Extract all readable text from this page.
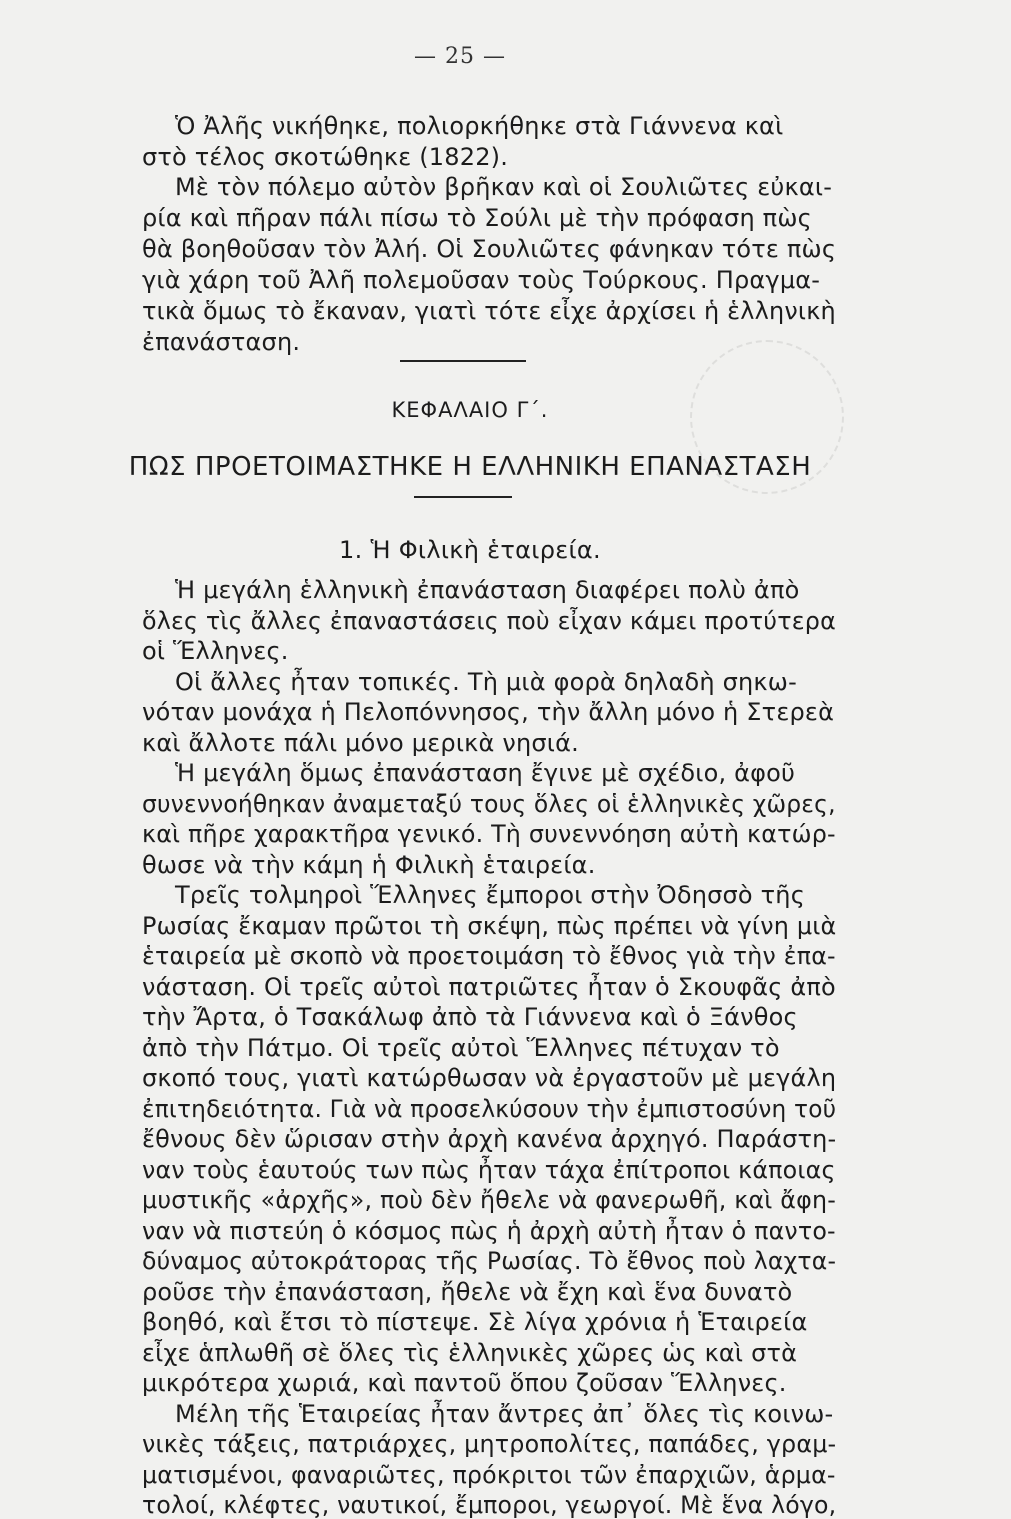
— 25 —
Ὁ Ἀλῆς νικήθηκε, πολιορκήθηκε στὰ Γιάννενα καὶ
στὸ τέλος σκοτώθηκε (1822).
Μὲ τὸν πόλεμο αὐτὸν βρῆκαν καὶ οἱ Σουλιῶτες εὐκαι-
ρία καὶ πῆραν πάλι πίσω τὸ Σούλι μὲ τὴν πρόφαση πὼς
θὰ βοηθοῦσαν τὸν Ἀλή. Οἱ Σουλιῶτες φάνηκαν τότε πὼς
γιὰ χάρη τοῦ Ἀλῆ πολεμοῦσαν τοὺς Τούρκους. Πραγμα-
τικὰ ὅμως τὸ ἔκαναν, γιατὶ τότε εἶχε ἀρχίσει ἡ ἑλληνικὴ
ἐπανάσταση.
ΚΕΦΑΛΑΙΟ Γ΄.
ΠΩΣ ΠΡΟΕΤΟΙΜΑΣΤΗΚΕ Η ΕΛΛΗΝΙΚΗ ΕΠΑΝΑΣΤΑΣΗ
1. Ἡ Φιλικὴ ἑταιρεία.
Ἡ μεγάλη ἑλληνικὴ ἐπανάσταση διαφέρει πολὺ ἀπὸ
ὅλες τὶς ἄλλες ἐπαναστάσεις ποὺ εἶχαν κάμει προτύτερα
οἱ Ἕλληνες.
Οἱ ἄλλες ἦταν τοπικές. Τὴ μιὰ φορὰ δηλαδὴ σηκω-
νόταν μονάχα ἡ Πελοπόννησος, τὴν ἄλλη μόνο ἡ Στερεὰ
καὶ ἄλλοτε πάλι μόνο μερικὰ νησιά.
Ἡ μεγάλη ὅμως ἐπανάσταση ἔγινε μὲ σχέδιο, ἀφοῦ
συνεννοήθηκαν ἀναμεταξύ τους ὅλες οἱ ἑλληνικὲς χῶρες,
καὶ πῆρε χαρακτῆρα γενικό. Τὴ συνεννόηση αὐτὴ κατώρ-
θωσε νὰ τὴν κάμη ἡ Φιλικὴ ἑταιρεία.
Τρεῖς τολμηροὶ Ἕλληνες ἔμποροι στὴν Ὀδησσὸ τῆς
Ρωσίας ἔκαμαν πρῶτοι τὴ σκέψη, πὼς πρέπει νὰ γίνη μιὰ
ἑταιρεία μὲ σκοπὸ νὰ προετοιμάση τὸ ἔθνος γιὰ τὴν ἐπα-
νάσταση. Οἱ τρεῖς αὐτοὶ πατριῶτες ἦταν ὁ Σκουφᾶς ἀπὸ
τὴν Ἄρτα, ὁ Τσακάλωφ ἀπὸ τὰ Γιάννενα καὶ ὁ Ξάνθος
ἀπὸ τὴν Πάτμο. Οἱ τρεῖς αὐτοὶ Ἕλληνες πέτυχαν τὸ
σκοπό τους, γιατὶ κατώρθωσαν νὰ ἐργαστοῦν μὲ μεγάλη
ἐπιτηδειότητα. Γιὰ νὰ προσελκύσουν τὴν ἐμπιστοσύνη τοῦ
ἔθνους δὲν ὥρισαν στὴν ἀρχὴ κανένα ἀρχηγό. Παράστη-
ναν τοὺς ἑαυτούς των πὼς ἦταν τάχα ἐπίτροποι κάποιας
μυστικῆς «ἀρχῆς», ποὺ δὲν ἤθελε νὰ φανερωθῆ, καὶ ἄφη-
ναν νὰ πιστεύη ὁ κόσμος πὼς ἡ ἀρχὴ αὐτὴ ἦταν ὁ παντο-
δύναμος αὐτοκράτορας τῆς Ρωσίας. Τὸ ἔθνος ποὺ λαχτα-
ροῦσε τὴν ἐπανάσταση, ἤθελε νὰ ἔχη καὶ ἕνα δυνατὸ
βοηθό, καὶ ἔτσι τὸ πίστεψε. Σὲ λίγα χρόνια ἡ Ἑταιρεία
εἶχε ἁπλωθῆ σὲ ὅλες τὶς ἑλληνικὲς χῶρες ὡς καὶ στὰ
μικρότερα χωριά, καὶ παντοῦ ὅπου ζοῦσαν Ἕλληνες.
Μέλη τῆς Ἑταιρείας ἦταν ἄντρες ἀπ᾿ ὅλες τὶς κοινω-
νικὲς τάξεις, πατριάρχες, μητροπολίτες, παπάδες, γραμ-
ματισμένοι, φαναριῶτες, πρόκριτοι τῶν ἐπαρχιῶν, ἁρμα-
τολοί, κλέφτες, ναυτικοί, ἔμποροι, γεωργοί. Μὲ ἕνα λόγο,
